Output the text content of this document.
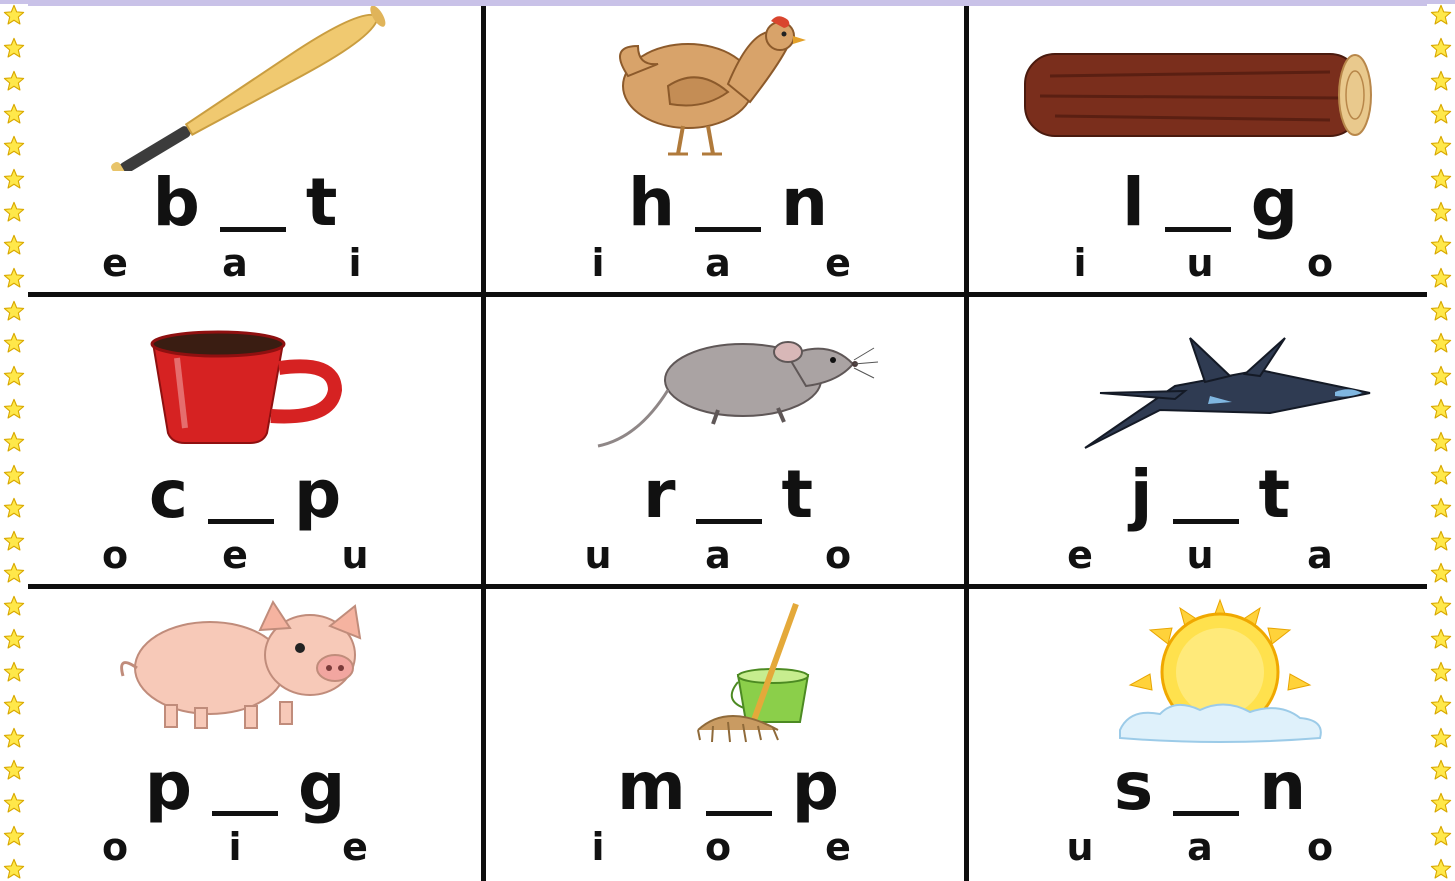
b t
e	a	i
h n
i	a	e
l g
i	u	o
c p
o	e	u
r t
u	a	o
j t
e	u	a
p g
o	i	e
m p
i	o	e
s n
u	a	o
